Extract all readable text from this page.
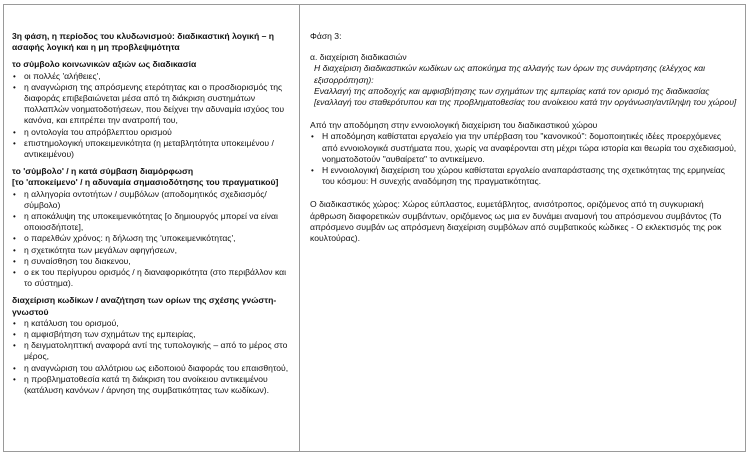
3η φάση, η περίοδος του κλυδωνισμού: διαδικαστική λογική – η ασαφής λογική και η μη προβλεψιμότητα

το σύμβολο κοινωνικών αξιών ως διαδικασία

• οι πολλές 'αλήθειες',
• η αναγνώριση της απρόσμενης ετερότητας και ο προσδιορισμός της διαφοράς επιβεβαιώνεται μέσα από τη διάκριση συστημάτων πολλαπλών νοηματοδοτήσεων, που δείχνει την αδυναμία ισχύος του κανόνα, και επιτρέπει την ανατροπή του,
• η οντολογία του απρόβλεπτου ορισμού
• επιστημολογική υποκειμενικότητα (η μεταβλητότητα υποκειμένου / αντικειμένου)

το 'σύμβολο' / η κατά σύμβαση διαμόρφωση

[το 'αποκείμενο' / η αδυναμία σημασιοδότησης του πραγματικού]

• η αλληγορία οντοτήτων / συμβόλων (αποδομητικός σχεδιασμός/σύμβολο)
• η αποκάλυψη της υποκειμενικότητας [ο δημιουργός μπορεί να είναι οποιοσδήποτε],
• ο παρελθών χρόνος: η δήλωση της 'υποκειμενικότητας',
• η σχετικότητα των μεγάλων αφηγήσεων,
• η συναίσθηση του διακενου,
• ο εκ του περίγυρου ορισμός / η διαναφορικότητα (στο περιβάλλον και το σύστημα).

διαχείριση κωδίκων / αναζήτηση των ορίων της σχέσης γνώστη-γνωστού

• η κατάλυση του ορισμού,
• η αμφισβήτηση των σχημάτων της εμπειρίας,
• η δειγματοληπτική αναφορά αντί της τυπολογικής – από το μέρος στο μέρος,
• η αναγνώριση του αλλότριου ως ειδοποιού διαφοράς του επαισθητού,
• η προβληματοθεσία κατά τη διάκριση του ανοίκειου αντικειμένου (κατάλυση κανόνων / άρνηση της συμβατικότητας των κωδίκων).

Φάση 3:

α. διαχείριση διαδικασιών

Η διαχείριση διαδικαστικών κωδίκων ως αποκύημα της αλλαγής των όρων της συνάρτησης (ελέγχος και εξισορρόπηση):

Εναλλαγή της αποδοχής και αμφισβήτησης των σχημάτων της εμπειρίας κατά τον ορισμό της διαδικασίας

[εναλλαγή του σταθερότυπου και της προβληματοθεσίας του ανοίκειου κατά την οργάνωση/αντίληψη του χώρου]

Από την αποδόμηση στην εννοιολογική διαχείριση του διαδικαστικού χώρου

• Η αποδόμηση καθίσταται εργαλείο για την υπέρβαση του "κανονικού": δομοποιητικές ιδέες προερχόμενες από εννοιολογικά συστήματα που, χωρίς να αναφέρονται στη μέχρι τώρα ιστορία και θεωρία του σχεδιασμού, νοηματοδοτούν "αυθαίρετα" το αντικείμενο.
• Η εννοιολογική διαχείριση του χώρου καθίσταται εργαλείο αναπαράστασης της σχετικότητας της ερμηνείας του κόσμου: Η συνεχής αναδόμηση της πραγματικότητας.

Ο διαδικαστικός χώρος: Χώρος εύπλαστος, ευμετάβλητος, ανισότροπος, οριζόμενος από τη συγκυριακή άρθρωση διαφορετικών συμβάντων, οριζόμενος ως μια εν δυνάμει αναμονή του απρόσμενου συμβάντος (Το απρόσμενο συμβάν ως απρόσμενη διαχείριση συμβόλων από συμβατικούς κώδικες - Ο εκλεκτισμός της ροκ κουλτούρας).
